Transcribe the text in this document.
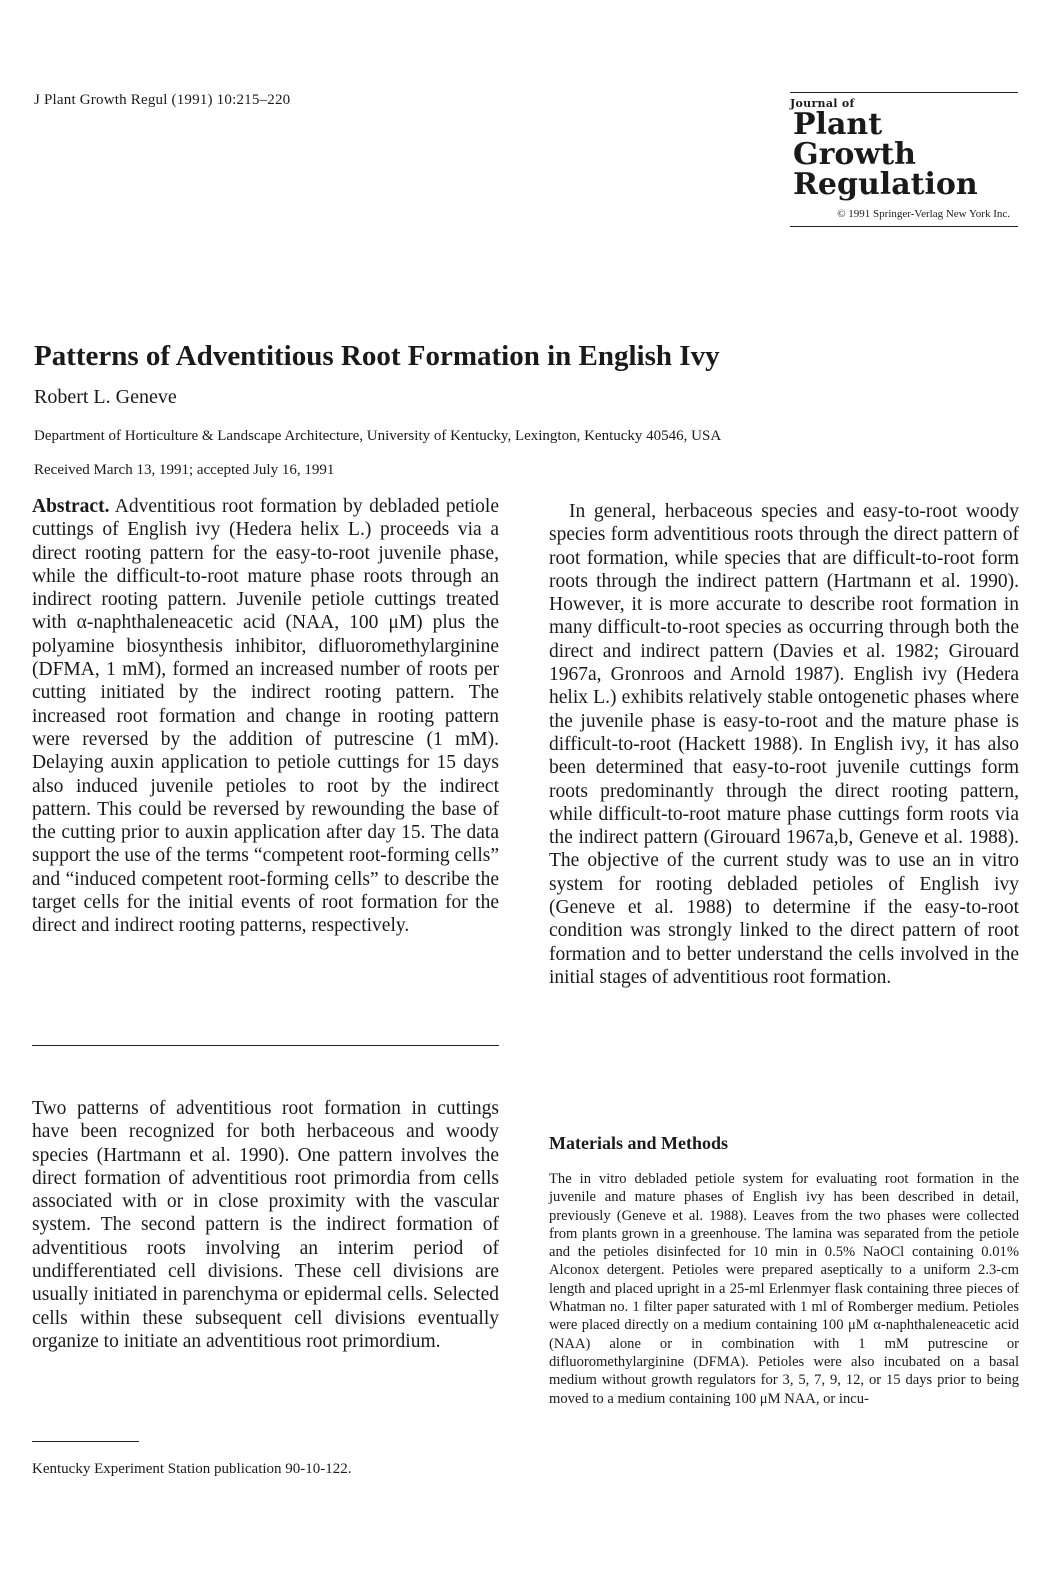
J Plant Growth Regul (1991) 10:215–220	Journal of
Plant
Growth
Regulation
© 1991 Springer-Verlag New York Inc.
Patterns of Adventitious Root Formation in English Ivy
Robert L. Geneve
Department of Horticulture & Landscape Architecture, University of Kentucky, Lexington, Kentucky 40546, USA
Received March 13, 1991; accepted July 16, 1991

Abstract. Adventitious root formation by debladed petiole cuttings of English ivy (Hedera helix L.) proceeds via a direct rooting pattern for the easy-to-root juvenile phase, while the difficult-to-root mature phase roots through an indirect rooting pattern. Juvenile petiole cuttings treated with α-naphthaleneacetic acid (NAA, 100 μM) plus the polyamine biosynthesis inhibitor, difluoromethylarginine (DFMA, 1 mM), formed an increased number of roots per cutting initiated by the indirect rooting pattern. The increased root formation and change in rooting pattern were reversed by the addition of putrescine (1 mM). Delaying auxin application to petiole cuttings for 15 days also induced juvenile petioles to root by the indirect pattern. This could be reversed by rewounding the base of the cutting prior to auxin application after day 15. The data support the use of the terms “competent root-forming cells” and “induced competent root-forming cells” to describe the target cells for the initial events of root formation for the direct and indirect rooting patterns, respectively.

Two patterns of adventitious root formation in cuttings have been recognized for both herbaceous and woody species (Hartmann et al. 1990). One pattern involves the direct formation of adventitious root primordia from cells associated with or in close proximity with the vascular system. The second pattern is the indirect formation of adventitious roots involving an interim period of undifferentiated cell divisions. These cell divisions are usually initiated in parenchyma or epidermal cells. Selected cells within these subsequent cell divisions eventually organize to initiate an adventitious root primordium.

In general, herbaceous species and easy-to-root woody species form adventitious roots through the direct pattern of root formation, while species that are difficult-to-root form roots through the indirect pattern (Hartmann et al. 1990). However, it is more accurate to describe root formation in many difficult-to-root species as occurring through both the direct and indirect pattern (Davies et al. 1982; Girouard 1967a, Gronroos and Arnold 1987). English ivy (Hedera helix L.) exhibits relatively stable ontogenetic phases where the juvenile phase is easy-to-root and the mature phase is difficult-to-root (Hackett 1988). In English ivy, it has also been determined that easy-to-root juvenile cuttings form roots predominantly through the direct rooting pattern, while difficult-to-root mature phase cuttings form roots via the indirect pattern (Girouard 1967a,b, Geneve et al. 1988). The objective of the current study was to use an in vitro system for rooting debladed petioles of English ivy (Geneve et al. 1988) to determine if the easy-to-root condition was strongly linked to the direct pattern of root formation and to better understand the cells involved in the initial stages of adventitious root formation.

Materials and Methods

The in vitro debladed petiole system for evaluating root formation in the juvenile and mature phases of English ivy has been described in detail, previously (Geneve et al. 1988). Leaves from the two phases were collected from plants grown in a greenhouse. The lamina was separated from the petiole and the petioles disinfected for 10 min in 0.5% NaOCl containing 0.01% Alconox detergent. Petioles were prepared aseptically to a uniform 2.3-cm length and placed upright in a 25-ml Erlenmyer flask containing three pieces of Whatman no. 1 filter paper saturated with 1 ml of Romberger medium. Petioles were placed directly on a medium containing 100 μM α-naphthaleneacetic acid (NAA) alone or in combination with 1 mM putrescine or difluoromethylarginine (DFMA). Petioles were also incubated on a basal medium without growth regulators for 3, 5, 7, 9, 12, or 15 days prior to being moved to a medium containing 100 μM NAA, or incu-

Kentucky Experiment Station publication 90-10-122.
